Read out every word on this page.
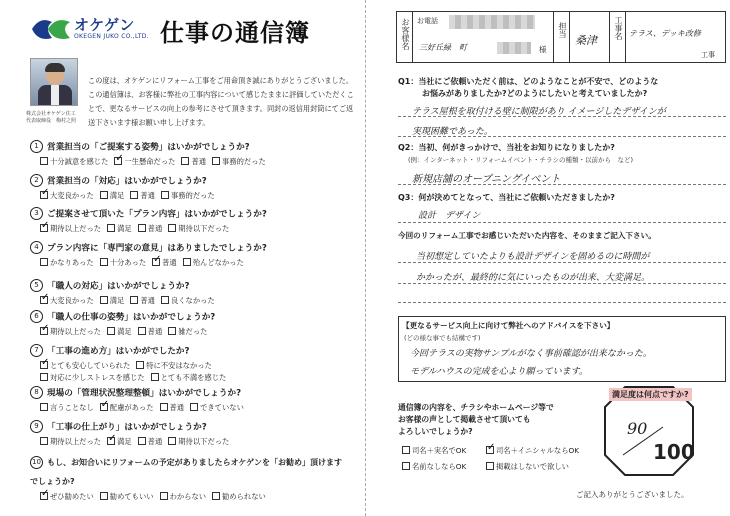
オケゲン
OKEGEN JUKO CO.,LTD. 仕事の通信簿
株式会社オケゲン住工
代表取締役　梅村之照
この度は、オケゲンにリフォーム工事をご用命頂き誠にありがとうございました。この通信簿は、お客様に弊社の工事内容について感じたままに評価していただくことで、更なるサービスの向上の参考にさせて頂きます。同封の返信用封筒にてご返送下さいます様お願い申し上げます。
1 営業担当の「ご提案する姿勢」はいかがでしょうか?
十分誠意を感じた ✓ 一生懸命だった 普通 事務的だった
2 営業担当の「対応」はいかがでしょうか?
✓大変良かった 満足 普通 事務的だった
3 ご提案させて頂いた「プラン内容」はいかがでしょうか?
✓期待以上だった 満足 普通 期待以下だった
4 プラン内容に「専門家の意見」はありましたでしょうか?
かなりあった 十分あった ✓ 普通 殆んどなかった
5 「職人の対応」はいかがでしょうか?
✓大変良かった 満足 普通 良くなかった
6 「職人の仕事の姿勢」はいかがでしょうか?
✓期待以上だった 満足 普通 雑だった
7 「工事の進め方」はいかがでしたか?
✓とても安心していられた 特に不安はなかった
対応に少しストレスを感じた とても不満を感じた
8 現場の「管理状況整理整頓」はいかがでしょうか?
言うことなし ✓ 配慮があった 普通 できていない
9 「工事の仕上がり」はいかがでしょうか?
期待以上だった ✓ 満足 普通 期待以下だった
10 もし、お知合いにリフォームの予定がありましたらオケゲンを「お勧め」頂けますでしょうか?
✓ぜひ勧めたい 勧めてもいい わからない 勧められない
お客様名 お電話
三好丘緑　町	様
担当
桑津
工事名 テラス、デッキ改修
工事
Q1：当社にご依頼いただく前は、どのようなことが不安で、どのような
お悩みがありましたか?どのようにしたいと考えていましたか?
テラス屋根を取付ける壁に制限があり イメージしたデザインが
実現困難であった。
Q2：当初、何がきっかけで、当社をお知りになりましたか?
(例：インターネット・リフォームイベント・チラシの種類・以前から　など)
新規店舗のオープニングイベント
Q3：何が決めてとなって、当社にご依頼いただきましたか?
設計　デザイン
今回のリフォーム工事でお感じいただいた内容を、そのままご記入下さい。
当初想定していたよりも設計デザインを固めるのに時間が
かかったが、最終的に気にいったものが出来、大変満足。
【更なるサービス向上に向けて弊社へのアドバイスを下さい】
(どの様な事でも結構です)
今回テラスの実物サンプルがなく事前確認が出来なかった。
モデルハウスの完成を心より願っています。
通信簿の内容を、チラシやホームページ等で
お客様の声として掲載させて頂いても
よろしいでしょうか?
司名＋実名でOK ✓	司名＋イニシャルならOK
名前なしならOK	掲載はしないで欲しい
ご記入ありがとうございました。
満足度は何点ですか?
90
100
